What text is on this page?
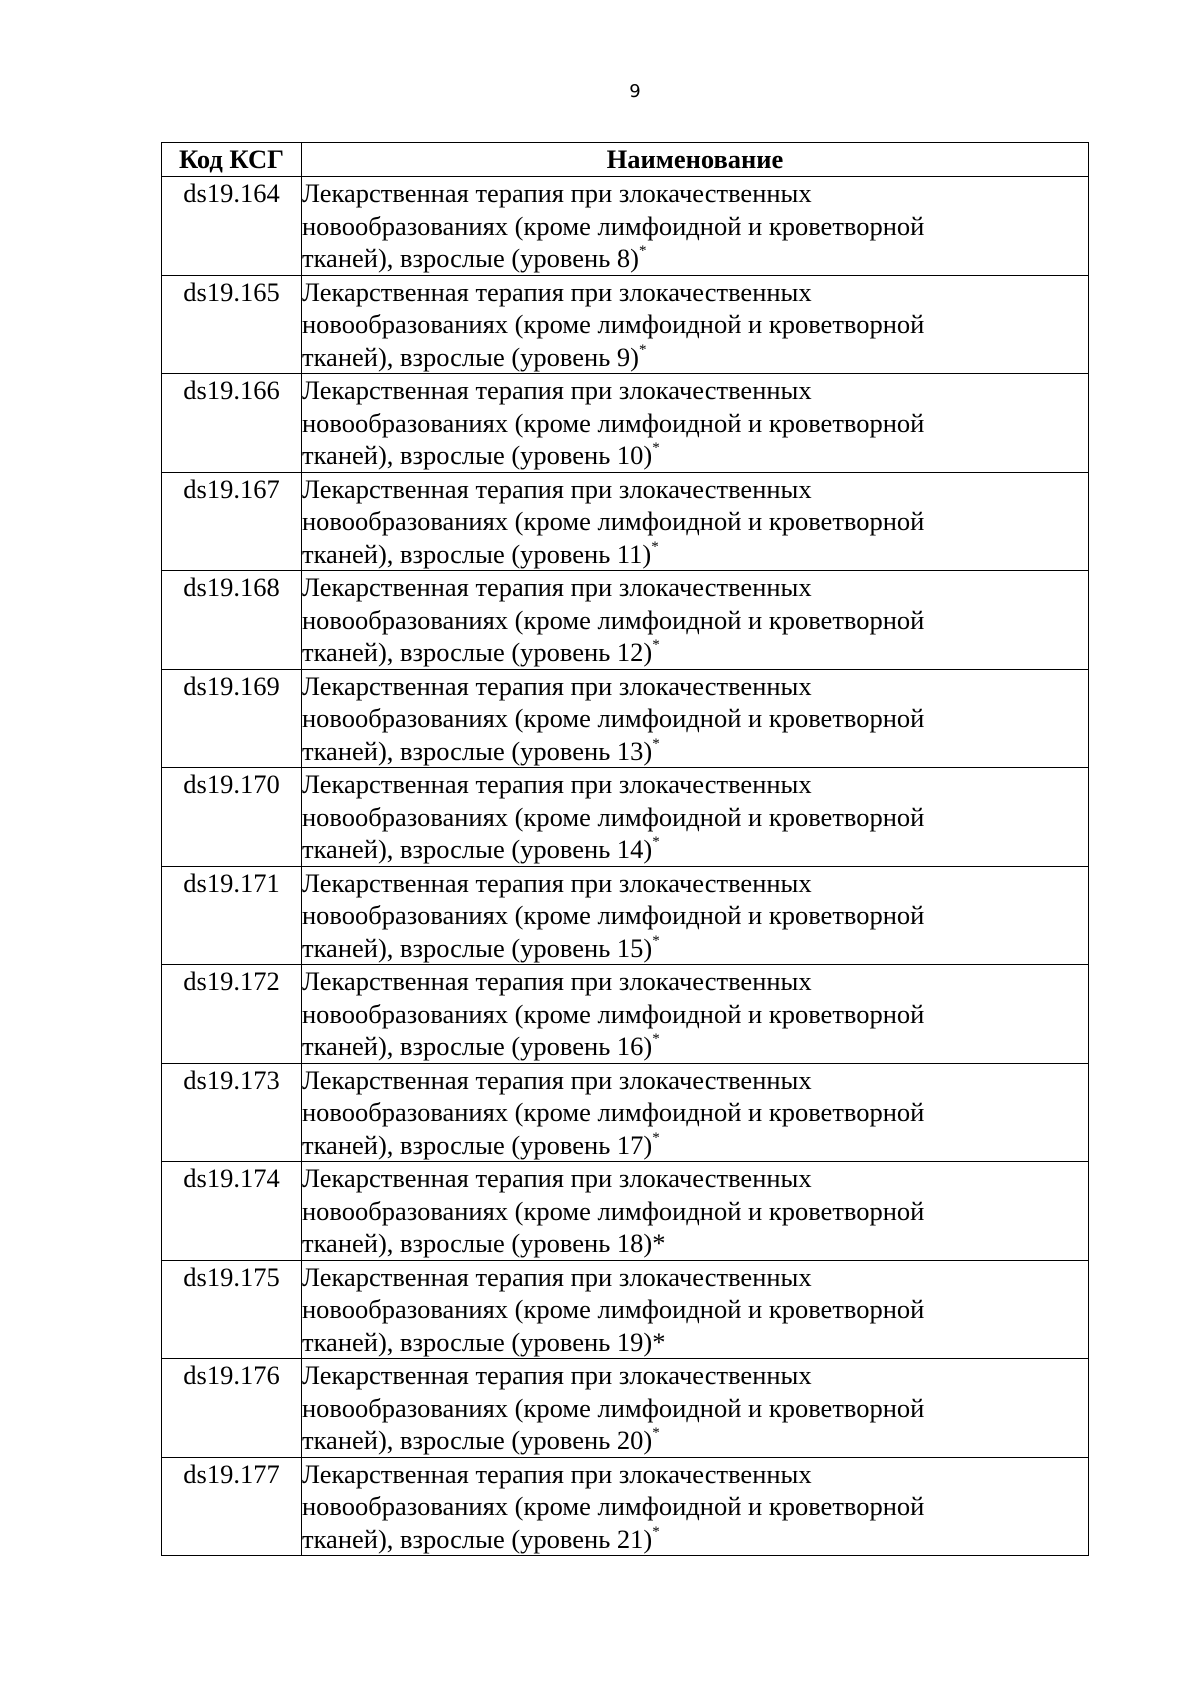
9
Код КСГ	Наименование
ds19.164	Лекарственная терапия при злокачественных
новообразованиях (кроме лимфоидной и кроветворной
тканей), взрослые (уровень 8)*

ds19.165	Лекарственная терапия при злокачественных
новообразованиях (кроме лимфоидной и кроветворной
тканей), взрослые (уровень 9)*

ds19.166	Лекарственная терапия при злокачественных
новообразованиях (кроме лимфоидной и кроветворной
тканей), взрослые (уровень 10)*

ds19.167	Лекарственная терапия при злокачественных
новообразованиях (кроме лимфоидной и кроветворной
тканей), взрослые (уровень 11)*

ds19.168	Лекарственная терапия при злокачественных
новообразованиях (кроме лимфоидной и кроветворной
тканей), взрослые (уровень 12)*

ds19.169	Лекарственная терапия при злокачественных
новообразованиях (кроме лимфоидной и кроветворной
тканей), взрослые (уровень 13)*

ds19.170	Лекарственная терапия при злокачественных
новообразованиях (кроме лимфоидной и кроветворной
тканей), взрослые (уровень 14)*

ds19.171	Лекарственная терапия при злокачественных
новообразованиях (кроме лимфоидной и кроветворной
тканей), взрослые (уровень 15)*

ds19.172	Лекарственная терапия при злокачественных
новообразованиях (кроме лимфоидной и кроветворной
тканей), взрослые (уровень 16)*

ds19.173	Лекарственная терапия при злокачественных
новообразованиях (кроме лимфоидной и кроветворной
тканей), взрослые (уровень 17)*

ds19.174	Лекарственная терапия при злокачественных
новообразованиях (кроме лимфоидной и кроветворной
тканей), взрослые (уровень 18)*

ds19.175	Лекарственная терапия при злокачественных
новообразованиях (кроме лимфоидной и кроветворной
тканей), взрослые (уровень 19)*

ds19.176	Лекарственная терапия при злокачественных
новообразованиях (кроме лимфоидной и кроветворной
тканей), взрослые (уровень 20)*

ds19.177	Лекарственная терапия при злокачественных
новообразованиях (кроме лимфоидной и кроветворной
тканей), взрослые (уровень 21)*
